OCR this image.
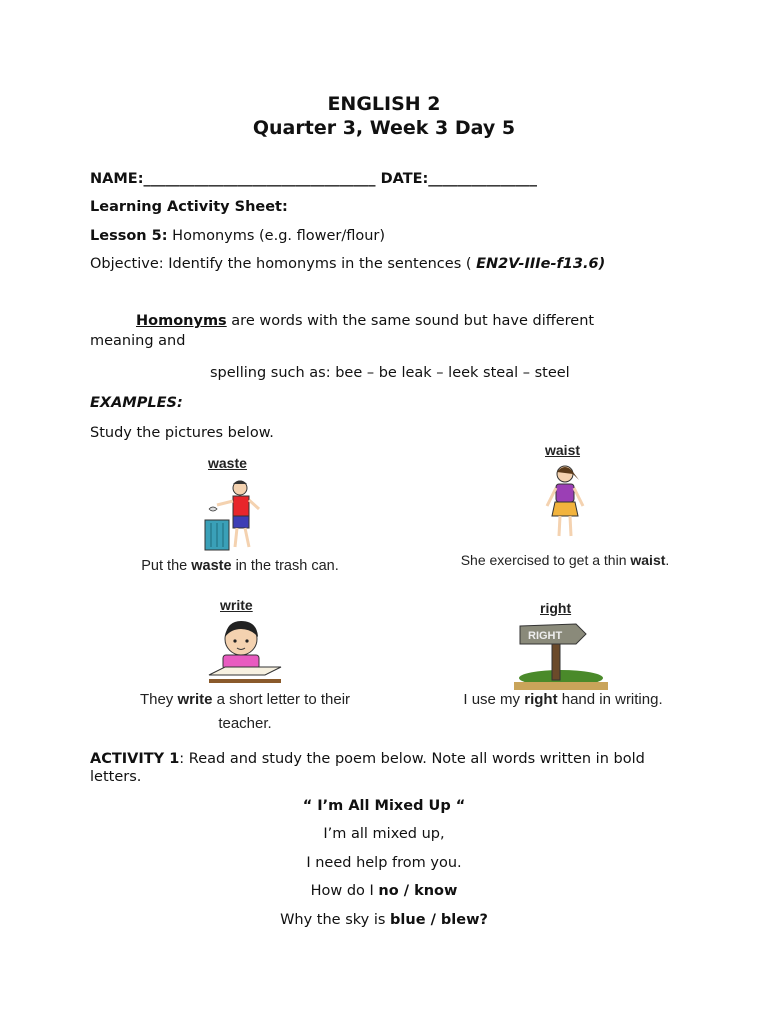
ENGLISH 2
Quarter 3, Week 3 Day 5
NAME:________________________________ DATE:_______________
Learning Activity Sheet:
Lesson 5: Homonyms (e.g. flower/flour)
Objective: Identify the homonyms in the sentences ( EN2V-IIIe-f13.6)
Homonyms are words with the same sound but have different
meaning and
spelling such as: bee – be leak – leek steal – steel
EXAMPLES:
Study the pictures below.
waste
Put the waste in the trash can.
waist
She exercised to get a thin waist.
write
They write a short letter to their
teacher.
right
RIGHT
I use my right hand in writing.
ACTIVITY 1: Read and study the poem below. Note all words written in bold
letters.
“ I’m All Mixed Up “
I’m all mixed up,
I need help from you.
How do I no / know
Why the sky is blue / blew?
